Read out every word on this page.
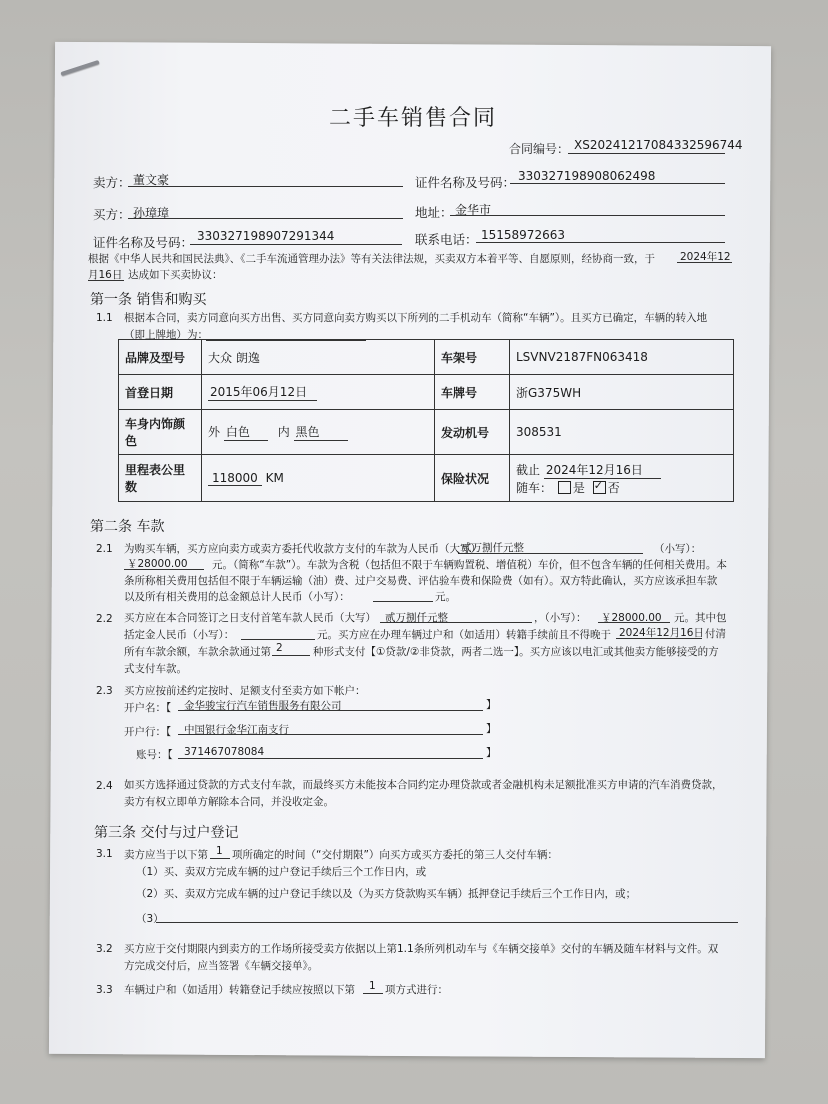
二手车销售合同
合同编号： XS20241217084332596744
卖方： 董文豪	证件名称及号码： 330327198908062498
买方： 孙璋璋	地址： 金华市
证件名称及号码： 330327198907291344	联系电话： 15158972663
根据《中华人民共和国民法典》、《二手车流通管理办法》等有关法律法规，买卖双方本着平等、自愿原则，经协商一致，于 2024年12
月16日 达成如下买卖协议：
第一条 销售和购买
1.1 根据本合同，卖方同意向买方出售、买方同意向卖方购买以下所列的二手机动车（简称“车辆”）。且买方已确定，车辆的转入地
（即上牌地）为：
品牌及型号	大众 朗逸	车架号	LSVNV2187FN063418
首登日期	2015年06月12日	车牌号	浙G375WH
车身内饰颜色	外 白色 内 黑色	发动机号	308531
里程表公里数	118000 KM	保险状况	截止 2024年12月16日
随车： 是 ✓ 否
第二条 车款
2.1 为购买车辆，买方应向卖方或卖方委托代收款方支付的车款为人民币（大写）
贰万捌仟元整	（小写）：
￥28000.00 元。（简称“车款”）。车款为含税（包括但不限于车辆购置税、增值税）车价，但不包含车辆的任何相关费用。本
条所称相关费用包括但不限于车辆运输（油）费、过户交易费、评估验车费和保险费（如有）。双方特此确认，买方应该承担车款
以及所有相关费用的总金额总计人民币（小写）：	元。
2.2 买方应在本合同签订之日支付首笔车款人民币（大写） 贰万捌仟元整	，（小写）： ￥28000.00 元。其中包
括定金人民币（小写）：	元。买方应在办理车辆过户和（如适用）转籍手续前且不得晚于 2024年12月16日 付清
所有车款余额，车款余款通过第 2	种形式支付【①贷款/②非贷款，两者二选一】。买方应该以电汇或其他卖方能够接受的方
式支付车款。
2.3 买方应按前述约定按时、足额支付至卖方如下帐户：
开户名：【 金华骏宝行汽车销售服务有限公司	】
开户行：【 中国银行金华江南支行	】
账号：【 371467078084	】
2.4 如买方选择通过贷款的方式支付车款，而最终买方未能按本合同约定办理贷款或者金融机构未足额批准买方申请的汽车消费贷款，
卖方有权立即单方解除本合同，并没收定金。
第三条 交付与过户登记
3.1 卖方应当于以下第 1 项所确定的时间（“交付期限”）向买方或买方委托的第三人交付车辆：
（1）买、卖双方完成车辆的过户登记手续后三个工作日内，或
（2）买、卖双方完成车辆的过户登记手续以及（为买方贷款购买车辆）抵押登记手续后三个工作日内，或；
（3）
3.2 买方应于交付期限内到卖方的工作场所接受卖方依据以上第1.1条所列机动车与《车辆交接单》交付的车辆及随车材料与文件。双
方完成交付后，应当签署《车辆交接单》。
3.3 车辆过户和（如适用）转籍登记手续应按照以下第 1 项方式进行：
